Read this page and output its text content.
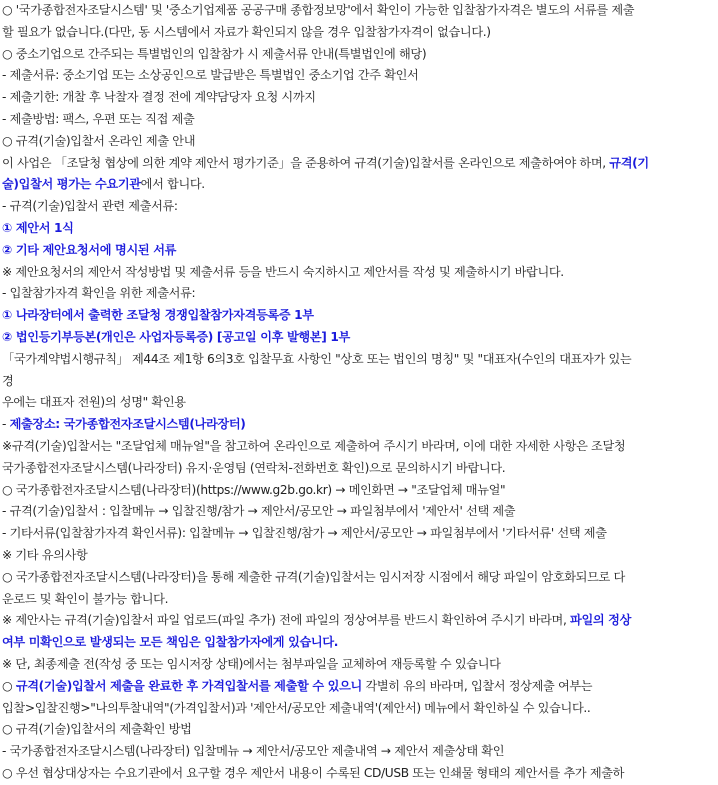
○ '국가종합전자조달시스템' 및 '중소기업제품 공공구매 종합정보망'에서 확인이 가능한 입찰참가자격은 별도의 서류를 제출
할 필요가 없습니다.(다만, 동 시스템에서 자료가 확인되지 않을 경우 입찰참가자격이 없습니다.)
○ 중소기업으로 간주되는 특별법인의 입찰참가 시 제출서류 안내(특별법인에 해당)
- 제출서류: 중소기업 또는 소상공인으로 발급받은 특별법인 중소기업 간주 확인서
- 제출기한: 개찰 후 낙찰자 결정 전에 계약담당자 요청 시까지
- 제출방법: 팩스, 우편 또는 직접 제출
○ 규격(기술)입찰서 온라인 제출 안내
이 사업은 「조달청 협상에 의한 계약 제안서 평가기준」을 준용하여 규격(기술)입찰서를 온라인으로 제출하여야 하며, 규격(기
술)입찰서 평가는 수요기관에서 합니다.
- 규격(기술)입찰서 관련 제출서류:
① 제안서 1식
② 기타 제안요청서에 명시된 서류
※ 제안요청서의 제안서 작성방법 및 제출서류 등을 반드시 숙지하시고 제안서를 작성 및 제출하시기 바랍니다.
- 입찰참가자격 확인을 위한 제출서류:
① 나라장터에서 출력한 조달청 경쟁입찰참가자격등록증 1부
② 법인등기부등본(개인은 사업자등록증) [공고일 이후 발행본] 1부
「국가계약법시행규칙」 제44조 제1항 6의3호 입찰무효 사항인 "상호 또는 법인의 명칭" 및 "대표자(수인의 대표자가 있는
경
우에는 대표자 전원)의 성명" 확인용
- 제출장소: 국가종합전자조달시스템(나라장터)
※규격(기술)입찰서는 "조달업체 매뉴얼"을 참고하여 온라인으로 제출하여 주시기 바라며, 이에 대한 자세한 사항은 조달청
국가종합전자조달시스템(나라장터) 유지·운영팀 (연락처-전화번호 확인)으로 문의하시기 바랍니다.
○ 국가종합전자조달시스템(나라장터)(https://www.g2b.go.kr) → 메인화면 → "조달업체 매뉴얼"
- 규격(기술)입찰서 : 입찰메뉴 → 입찰진행/참가 → 제안서/공모안 → 파일첨부에서 '제안서' 선택 제출
- 기타서류(입찰참가자격 확인서류): 입찰메뉴 → 입찰진행/참가 → 제안서/공모안 → 파일첨부에서 '기타서류' 선택 제출
※ 기타 유의사항
○ 국가종합전자조달시스템(나라장터)을 통해 제출한 규격(기술)입찰서는 임시저장 시점에서 해당 파일이 암호화되므로 다
운로드 및 확인이 불가능 합니다.
※ 제안사는 규격(기술)입찰서 파일 업로드(파일 추가) 전에 파일의 정상여부를 반드시 확인하여 주시기 바라며, 파일의 정상
여부 미확인으로 발생되는 모든 책임은 입찰참가자에게 있습니다.
※ 단, 최종제출 전(작성 중 또는 임시저장 상태)에서는 첨부파일을 교체하여 재등록할 수 있습니다
○ 규격(기술)입찰서 제출을 완료한 후 가격입찰서를 제출할 수 있으니 각별히 유의 바라며, 입찰서 정상제출 여부는
입찰>입찰진행>"나의투찰내역"(가격입찰서)과 '제안서/공모안 제출내역'(제안서) 메뉴에서 확인하실 수 있습니다..
○ 규격(기술)입찰서의 제출확인 방법
- 국가종합전자조달시스템(나라장터) 입찰메뉴 → 제안서/공모안 제출내역 → 제안서 제출상태 확인
○ 우선 협상대상자는 수요기관에서 요구할 경우 제안서 내용이 수록된 CD/USB 또는 인쇄물 형태의 제안서를 추가 제출하
